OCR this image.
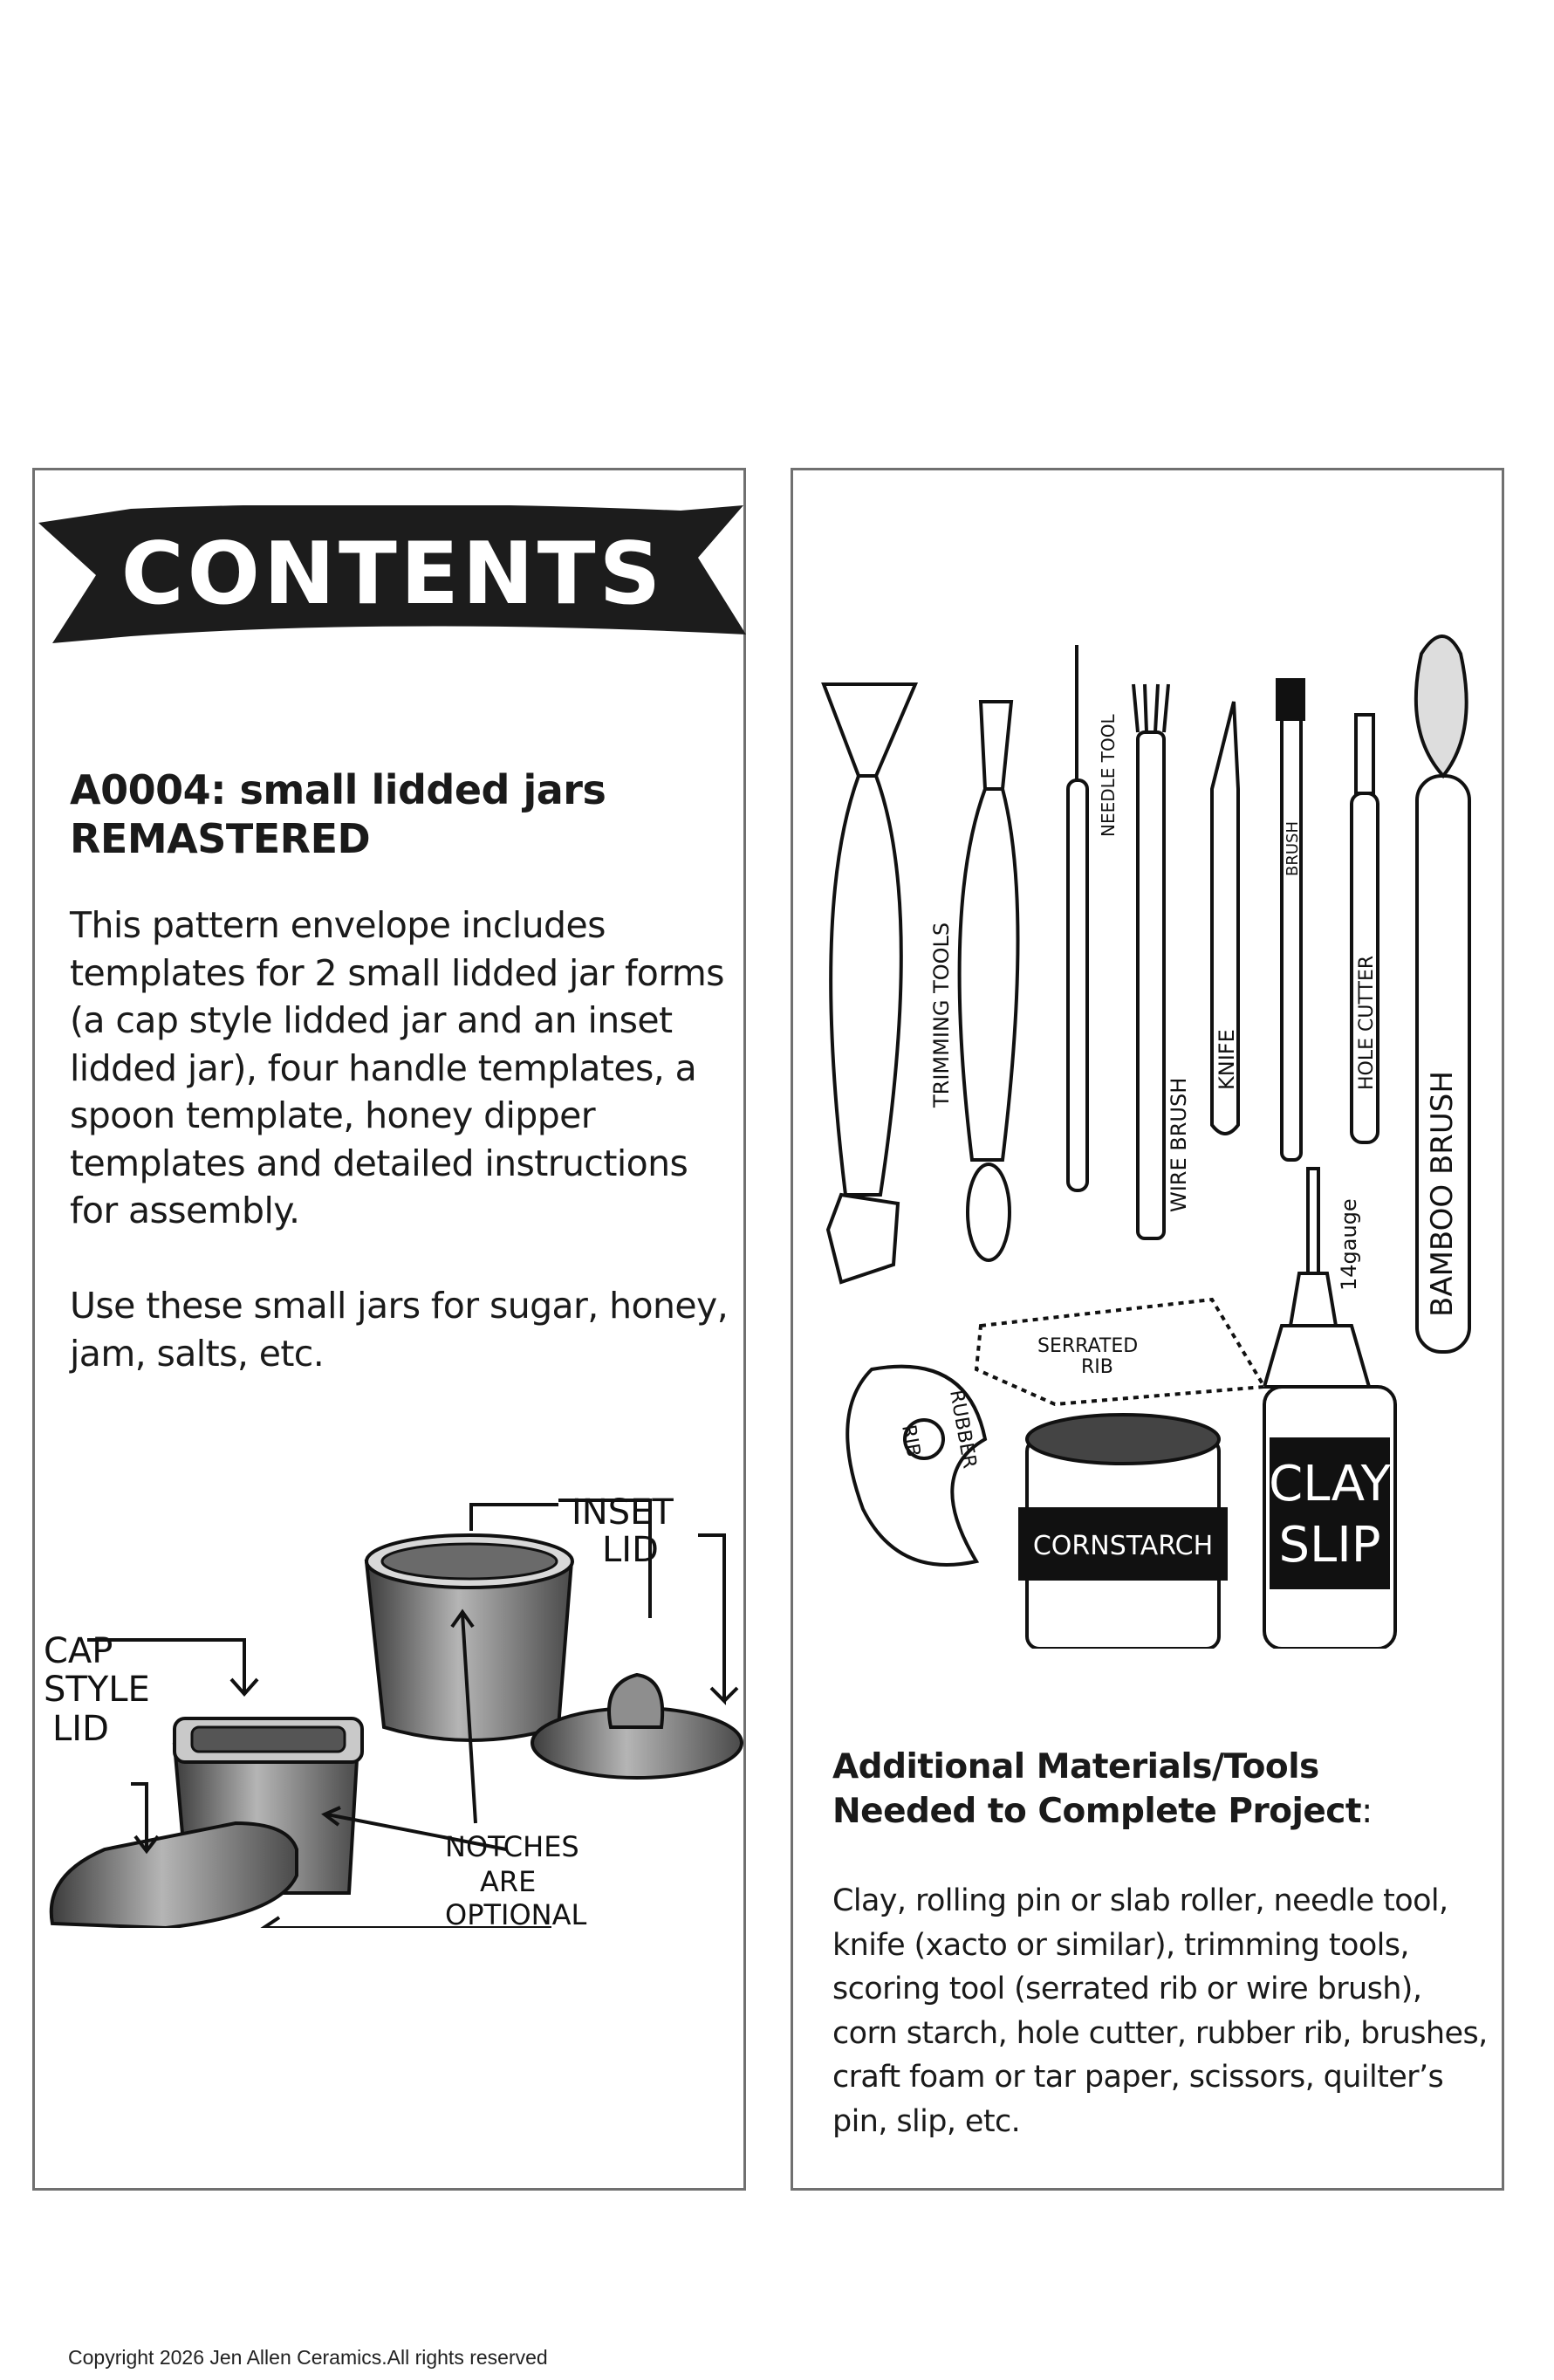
CONTENTS
A0004: small lidded jars
REMASTERED

This pattern envelope includes templates for 2 small lidded jar forms (a cap style lidded jar and an inset lidded jar), four handle templates, a spoon template, honey dipper templates and detailed instructions for assembly.

Use these small jars for sugar, honey, jam, salts, etc.

INSET
LID
CAP
STYLE
LID
NOTCHES
ARE
OPTIONAL
TRIMMING TOOLS
NEEDLE TOOL
WIRE BRUSH
KNIFE
BRUSH
HOLE CUTTER
BAMBOO BRUSH
14gauge
SERRATED
RIB
RUBBER
RIB
CORNSTARCH
CLAY
SLIP
Additional Materials/Tools
Needed to Complete Project:

Clay, rolling pin or slab roller, needle tool, knife (xacto or similar), trimming tools, scoring tool (serrated rib or wire brush), corn starch, hole cutter, rubber rib, brushes, craft foam or tar paper, scissors, quilter’s pin, slip, etc.

Copyright 2026 Jen Allen Ceramics.All rights reserved
